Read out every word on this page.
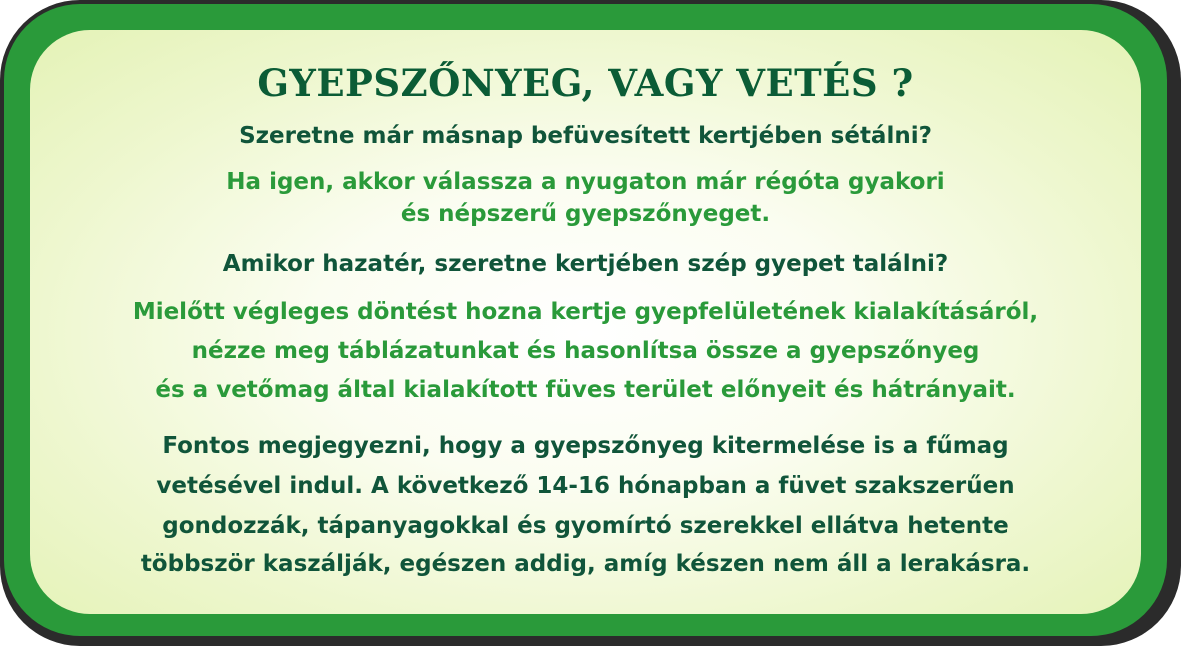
GYEPSZŐNYEG, VAGY VETÉS ?
Szeretne már másnap befüvesített kertjében sétálni?
Ha igen, akkor válassza a nyugaton már régóta gyakori
és népszerű gyepszőnyeget.
Amikor hazatér, szeretne kertjében szép gyepet találni?
Mielőtt végleges döntést hozna kertje gyepfelületének kialakításáról,
nézze meg táblázatunkat és hasonlítsa össze a gyepszőnyeg
és a vetőmag által kialakított füves terület előnyeit és hátrányait.
Fontos megjegyezni, hogy a gyepszőnyeg kitermelése is a fűmag
vetésével indul. A következő 14-16 hónapban a füvet szakszerűen
gondozzák, tápanyagokkal és gyomírtó szerekkel ellátva hetente
többször kaszálják, egészen addig, amíg készen nem áll a lerakásra.
